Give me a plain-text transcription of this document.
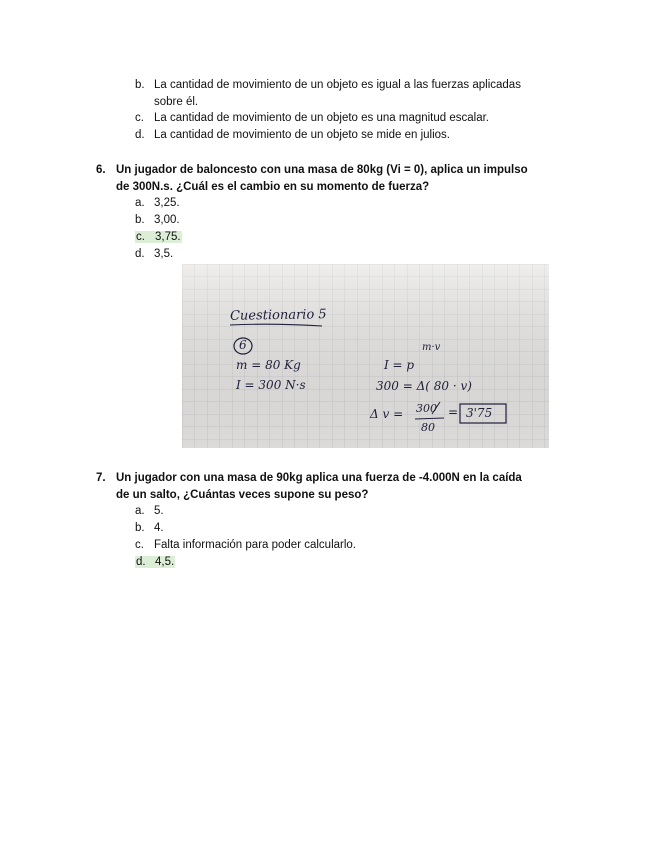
b. La cantidad de movimiento de un objeto es igual a las fuerzas aplicadas
sobre él.
c. La cantidad de movimiento de un objeto es una magnitud escalar.
d. La cantidad de movimiento de un objeto se mide en julios.
6. Un jugador de baloncesto con una masa de 80kg (Vi = 0), aplica un impulso
de 300N.s. ¿Cuál es el cambio en su momento de fuerza?
a. 3,25.
b. 3,00.
c. 3,75.
d. 3,5.
Cuestionario 5
6
m = 80 Kg
I = 300 N·s
I = p
m·v
300 = Δ( 80 · v)
Δ v = 300
80
= 3'75
7. Un jugador con una masa de 90kg aplica una fuerza de -4.000N en la caída
de un salto, ¿Cuántas veces supone su peso?
a. 5.
b. 4.
c. Falta información para poder calcularlo.
d. 4,5.
